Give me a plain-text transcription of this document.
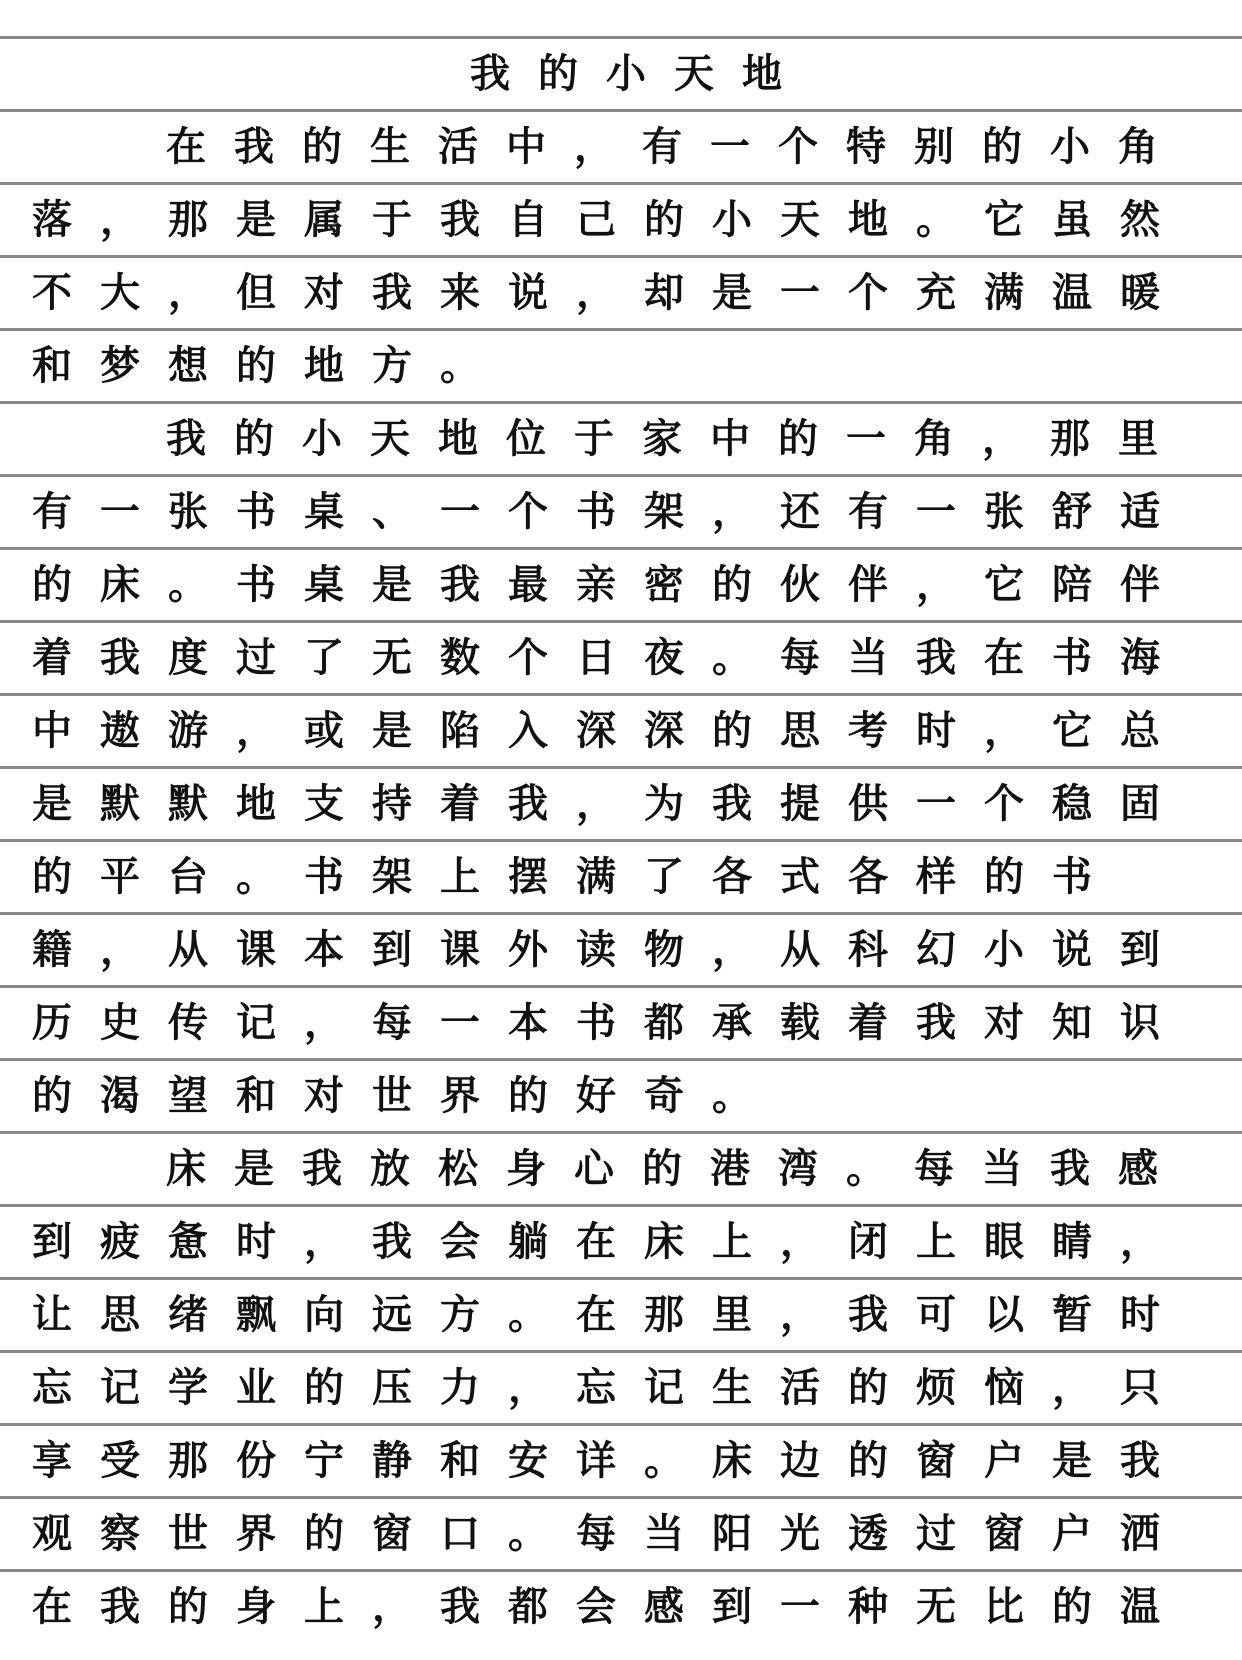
我的小天地
在我的生活中，有一个特别的小角
落，那是属于我自己的小天地。它虽然
不大，但对我来说，却是一个充满温暖
和梦想的地方。
我的小天地位于家中的一角，那里
有一张书桌、一个书架，还有一张舒适
的床。书桌是我最亲密的伙伴，它陪伴
着我度过了无数个日夜。每当我在书海
中遨游，或是陷入深深的思考时，它总
是默默地支持着我，为我提供一个稳固
的平台。书架上摆满了各式各样的书
籍，从课本到课外读物，从科幻小说到
历史传记，每一本书都承载着我对知识
的渴望和对世界的好奇。
床是我放松身心的港湾。每当我感
到疲惫时，我会躺在床上，闭上眼睛，
让思绪飘向远方。在那里，我可以暂时
忘记学业的压力，忘记生活的烦恼，只
享受那份宁静和安详。床边的窗户是我
观察世界的窗口。每当阳光透过窗户洒
在我的身上，我都会感到一种无比的温
